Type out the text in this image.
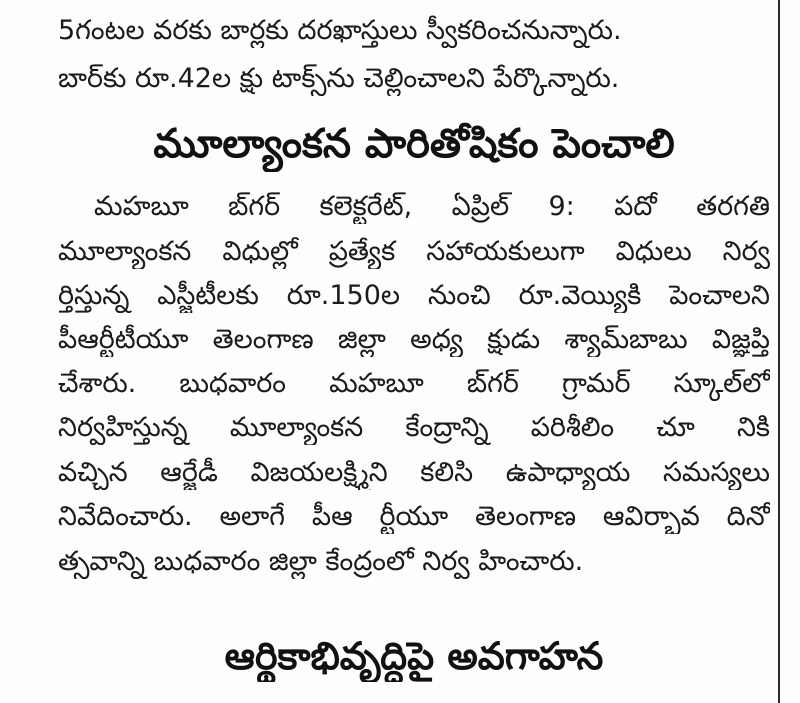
5గంటల వరకు బార్లకు దరఖాస్తులు స్వీకరించనున్నారు.
బార్‌కు రూ.42ల క్షు టాక్స్‌ను చెల్లించాలని పేర్కొన్నారు.
మూల్యాంకన పారితోషికం పెంచాలి
మహబూ బ్‌గర్ కలెక్టరేట్, ఏప్రిల్ 9: పదో తరగతి
మూల్యాంకన విధుల్లో ప్రత్యేక సహాయకులుగా విధులు నిర్వ
ర్తిస్తున్న ఎస్జీటీలకు రూ.150ల నుంచి రూ.వెయ్యికి పెంచాలని
పీఆర్టీటీయూ తెలంగాణ జిల్లా అధ్య క్షుడు శ్యామ్‌బాబు విజ్ఞప్తి
చేశారు. బుధవారం మహబూ బ్‌గర్ గ్రామర్ స్కూల్‌లో
నిర్వహిస్తున్న మూల్యాంకన కేంద్రాన్ని పరిశీలిం చూ నికి
వచ్చిన ఆర్జేడీ విజయలక్ష్మిని కలిసి ఉపాధ్యాయ సమస్యలు
నివేదించారు. అలాగే పీఆ ర్టీయూ తెలంగాణ ఆవిర్భావ దినో
త్సవాన్ని బుధవారం జిల్లా కేంద్రంలో నిర్వ హించారు.
ఆర్థికాభివృద్ధిపై అవగాహన
